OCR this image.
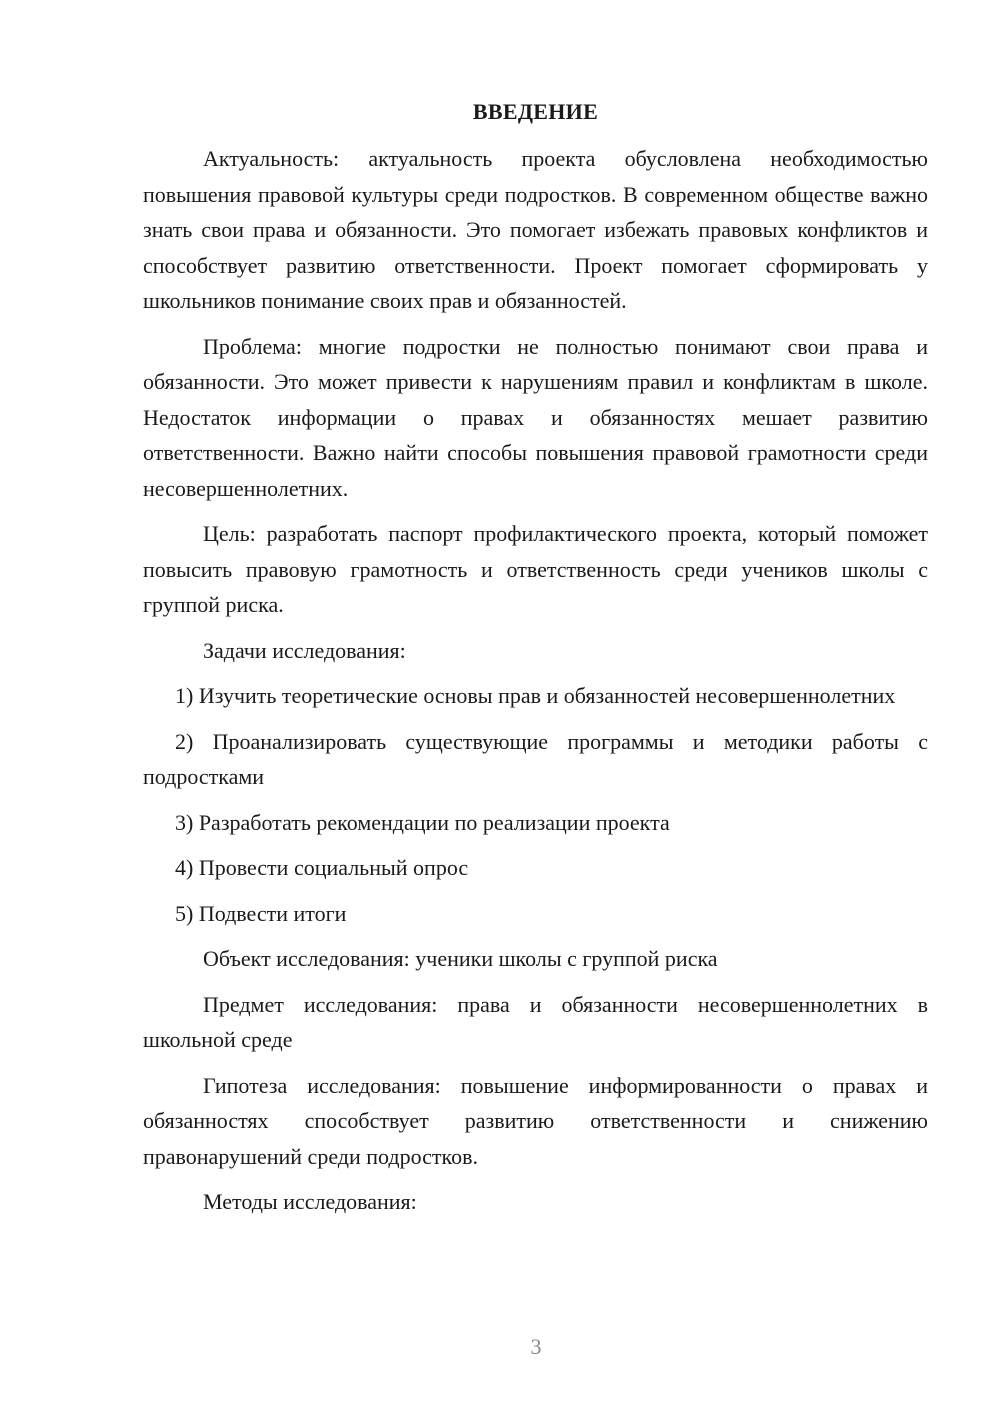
ВВЕДЕНИЕ

Актуальность: актуальность проекта обусловлена необходимостью повышения правовой культуры среди подростков. В современном обществе важно знать свои права и обязанности. Это помогает избежать правовых конфликтов и способствует развитию ответственности. Проект помогает сформировать у школьников понимание своих прав и обязанностей.

Проблема: многие подростки не полностью понимают свои права и обязанности. Это может привести к нарушениям правил и конфликтам в школе. Недостаток информации о правах и обязанностях мешает развитию ответственности. Важно найти способы повышения правовой грамотности среди несовершеннолетних.

Цель: разработать паспорт профилактического проекта, который поможет повысить правовую грамотность и ответственность среди учеников школы с группой риска.

Задачи исследования:

1) Изучить теоретические основы прав и обязанностей несовершеннолетних

2) Проанализировать существующие программы и методики работы с подростками

3) Разработать рекомендации по реализации проекта

4) Провести социальный опрос

5) Подвести итоги

Объект исследования: ученики школы с группой риска

Предмет исследования: права и обязанности несовершеннолетних в школьной среде

Гипотеза исследования: повышение информированности о правах и обязанностях способствует развитию ответственности и снижению правонарушений среди подростков.

Методы исследования:

3
